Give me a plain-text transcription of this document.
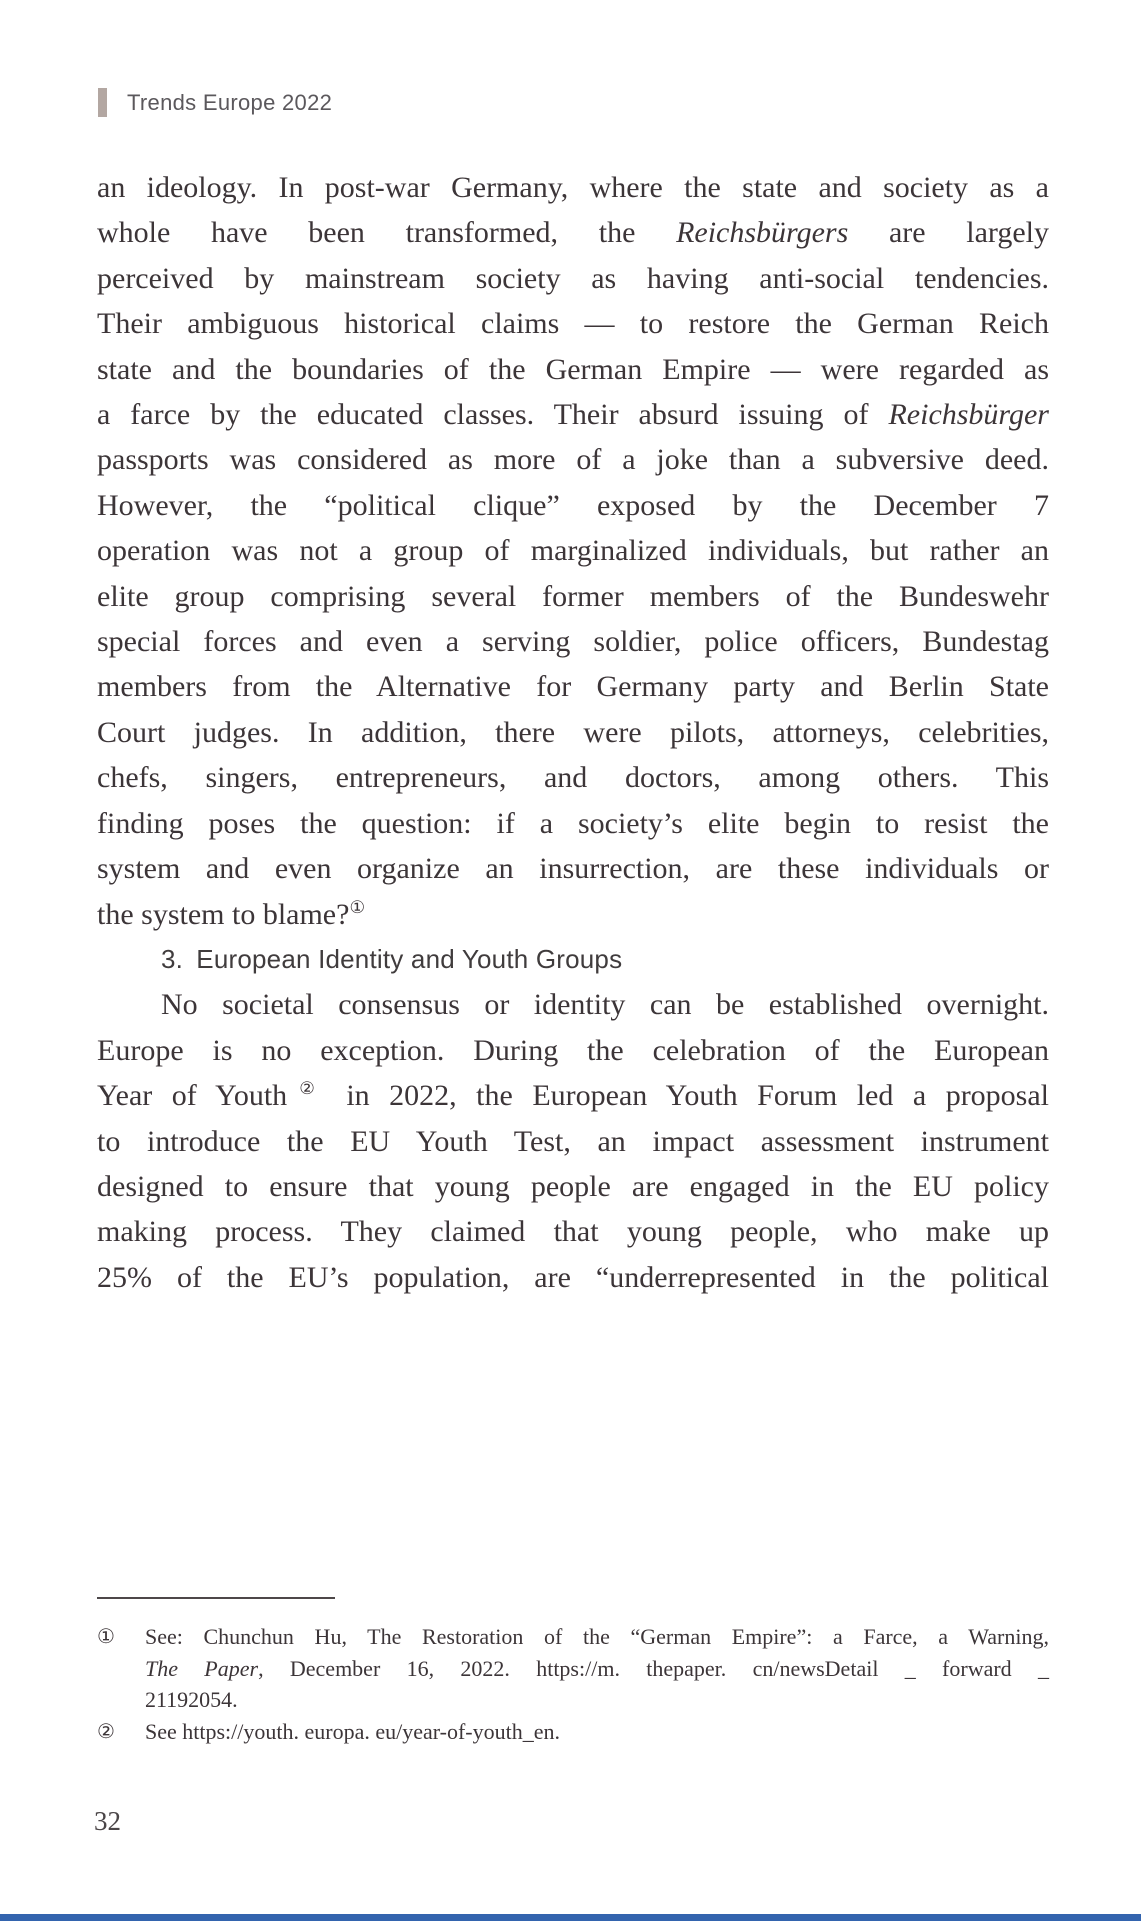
Trends Europe 2022
an ideology. In post-war Germany, where the state and society as a
whole have been transformed, the Reichsbürgers are largely
perceived by mainstream society as having anti-social tendencies.
Their ambiguous historical claims — to restore the German Reich
state and the boundaries of the German Empire — were regarded as
a farce by the educated classes. Their absurd issuing of Reichsbürger
passports was considered as more of a joke than a subversive deed.
However, the “political clique” exposed by the December 7
operation was not a group of marginalized individuals, but rather an
elite group comprising several former members of the Bundeswehr
special forces and even a serving soldier, police officers, Bundestag
members from the Alternative for Germany party and Berlin State
Court judges. In addition, there were pilots, attorneys, celebrities,
chefs, singers, entrepreneurs, and doctors, among others. This
finding poses the question: if a society’s elite begin to resist the
system and even organize an insurrection, are these individuals or
the system to blame?①
3. European Identity and Youth Groups
No societal consensus or identity can be established overnight.
Europe is no exception. During the celebration of the European
Year of Youth② in 2022, the European Youth Forum led a proposal
to introduce the EU Youth Test, an impact assessment instrument
designed to ensure that young people are engaged in the EU policy
making process. They claimed that young people, who make up
25% of the EU’s population, are “underrepresented in the political
①	See: Chunchun Hu, The Restoration of the “German Empire”: a Farce, a Warning,
The Paper, December 16, 2022. https://m. thepaper. cn/newsDetail _ forward _
21192054.
②	See https://youth. europa. eu/year-of-youth_en.
32
